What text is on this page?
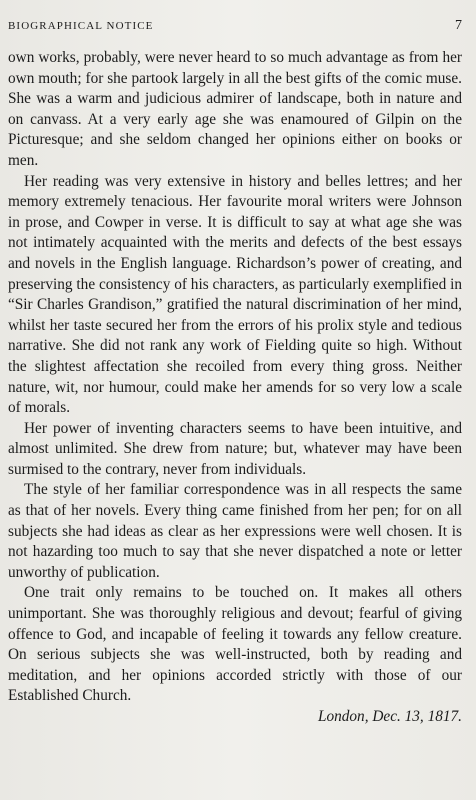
BIOGRAPHICAL NOTICE	7

own works, probably, were never heard to so much advantage as from her own mouth; for she partook largely in all the best gifts of the comic muse. She was a warm and judicious admirer of landscape, both in nature and on canvass. At a very early age she was enamoured of Gilpin on the Picturesque; and she seldom changed her opinions either on books or men.

Her reading was very extensive in history and belles lettres; and her memory extremely tenacious. Her favourite moral writers were Johnson in prose, and Cowper in verse. It is difficult to say at what age she was not intimately acquainted with the merits and defects of the best essays and novels in the English language. Richardson’s power of creating, and preserving the consistency of his characters, as particularly exemplified in “Sir Charles Grandison,” gratified the natural discrimination of her mind, whilst her taste secured her from the errors of his prolix style and tedious narrative. She did not rank any work of Fielding quite so high. Without the slightest affectation she recoiled from every thing gross. Neither nature, wit, nor humour, could make her amends for so very low a scale of morals.

Her power of inventing characters seems to have been intuitive, and almost unlimited. She drew from nature; but, whatever may have been surmised to the contrary, never from individuals.

The style of her familiar correspondence was in all respects the same as that of her novels. Every thing came finished from her pen; for on all subjects she had ideas as clear as her expressions were well chosen. It is not hazarding too much to say that she never dispatched a note or letter unworthy of publication.

One trait only remains to be touched on. It makes all others unimportant. She was thoroughly religious and devout; fearful of giving offence to God, and incapable of feeling it towards any fellow creature. On serious subjects she was well-instructed, both by reading and meditation, and her opinions accorded strictly with those of our Established Church.

London, Dec. 13, 1817.
